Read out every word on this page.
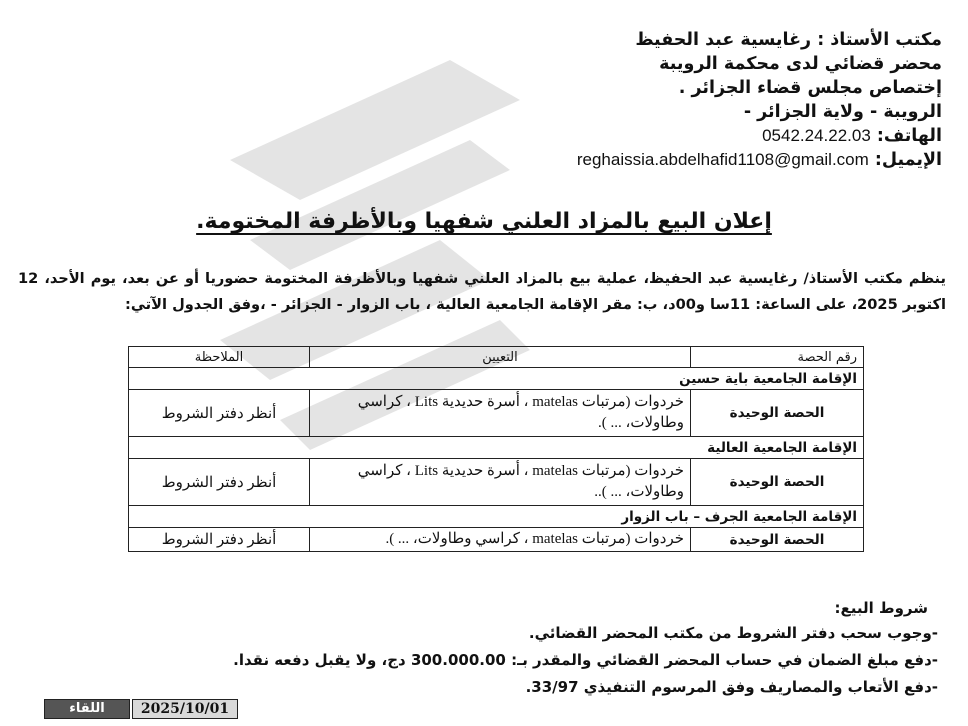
مكتب الأستاذ : رغايسية عبد الحفيظ
محضر قضائي لدى محكمة الرويبة
إختصاص مجلس قضاء الجزائر .
الرويبة - ولاية الجزائر -
الهاتف: 0542.24.22.03
الإيميل: reghaissia.abdelhafid1108@gmail.com
إعلان البيع بالمزاد العلني شفهيا وبالأظرفة المختومة.
ينظم مكتب الأستاذ/ رغايسية عبد الحفيظ، عملية بيع بالمزاد العلني شفهيا وبالأظرفة المختومة حضوريا أو عن بعد، يوم الأحد، 12 اكتوبر 2025، على الساعة: 11سا و00د، ب: مقر الإقامة الجامعية العالية ، باب الزوار - الجزائر - ،وفق الجدول الآتي:
رقم الحصة	التعيين	الملاحظة
الإقامة الجامعية باية حسين		
الحصة الوحيدة	خردوات (مرتبات matelas ، أسرة حديدية Lits ، كراسي وطاولات، ... ).	أنظر دفتر الشروط
الإقامة الجامعية العالية		
الحصة الوحيدة	خردوات (مرتبات matelas ، أسرة حديدية Lits ، كراسي وطاولات، ... )..	أنظر دفتر الشروط
الإقامة الجامعية الجرف – باب الزوار		
الحصة الوحيدة	خردوات (مرتبات matelas ، كراسي وطاولات، ... ).	أنظر دفتر الشروط
شروط البيع:
-وجوب سحب دفتر الشروط من مكتب المحضر القضائي.
-دفع مبلغ الضمان في حساب المحضر القضائي والمقدر بـ: 300.000.00 دج، ولا يقبل دفعه نقدا.
-دفع الأتعاب والمصاريف وفق المرسوم التنفيذي 33/97.
2025/10/01
اللقاء
